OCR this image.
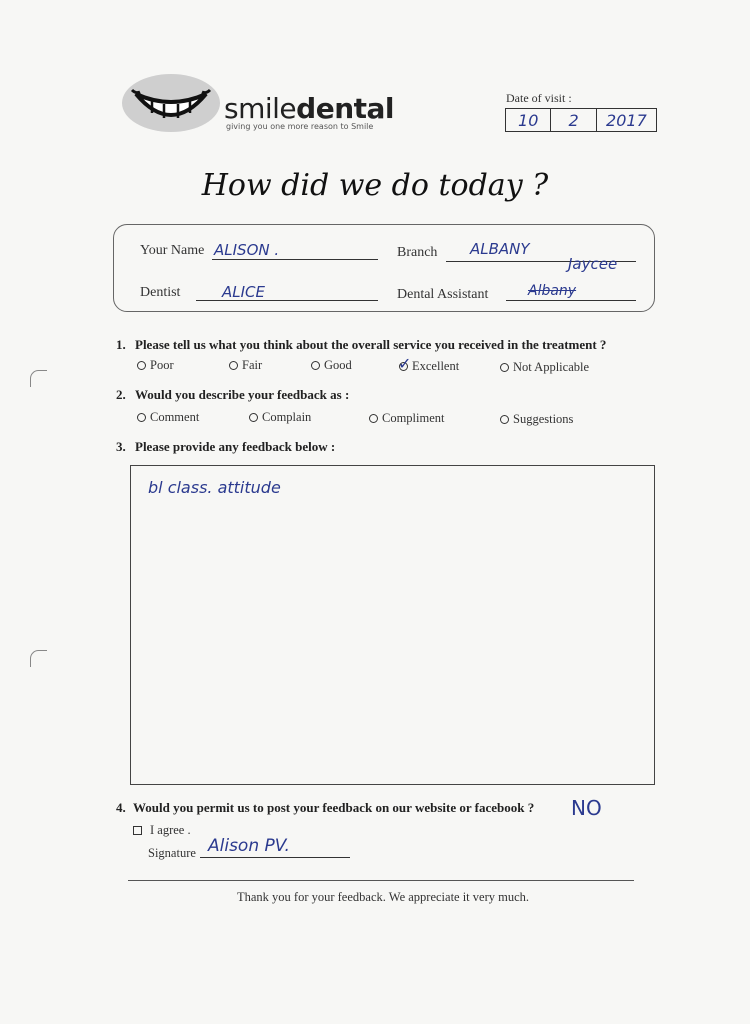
smiledental
giving you one more reason to Smile
Date of visit :
10	2	2017
How did we do today ?
Your Name ALISON .	Branch ALBANY
Dentist	ALICE	Dental Assistant	Albany
Jaycee
1. Please tell us what you think about the overall service you received in the treatment ?
Poor	Fair	Good
✓	Excellent	Not Applicable
2. Would you describe your feedback as :
Comment	Complain	Compliment	Suggestions
3. Please provide any feedback below :
bl class. attitude
4. Would you permit us to post your feedback on our website or facebook ? NO
I agree .
Signature Alison PV.
Thank you for your feedback. We appreciate it very much.
